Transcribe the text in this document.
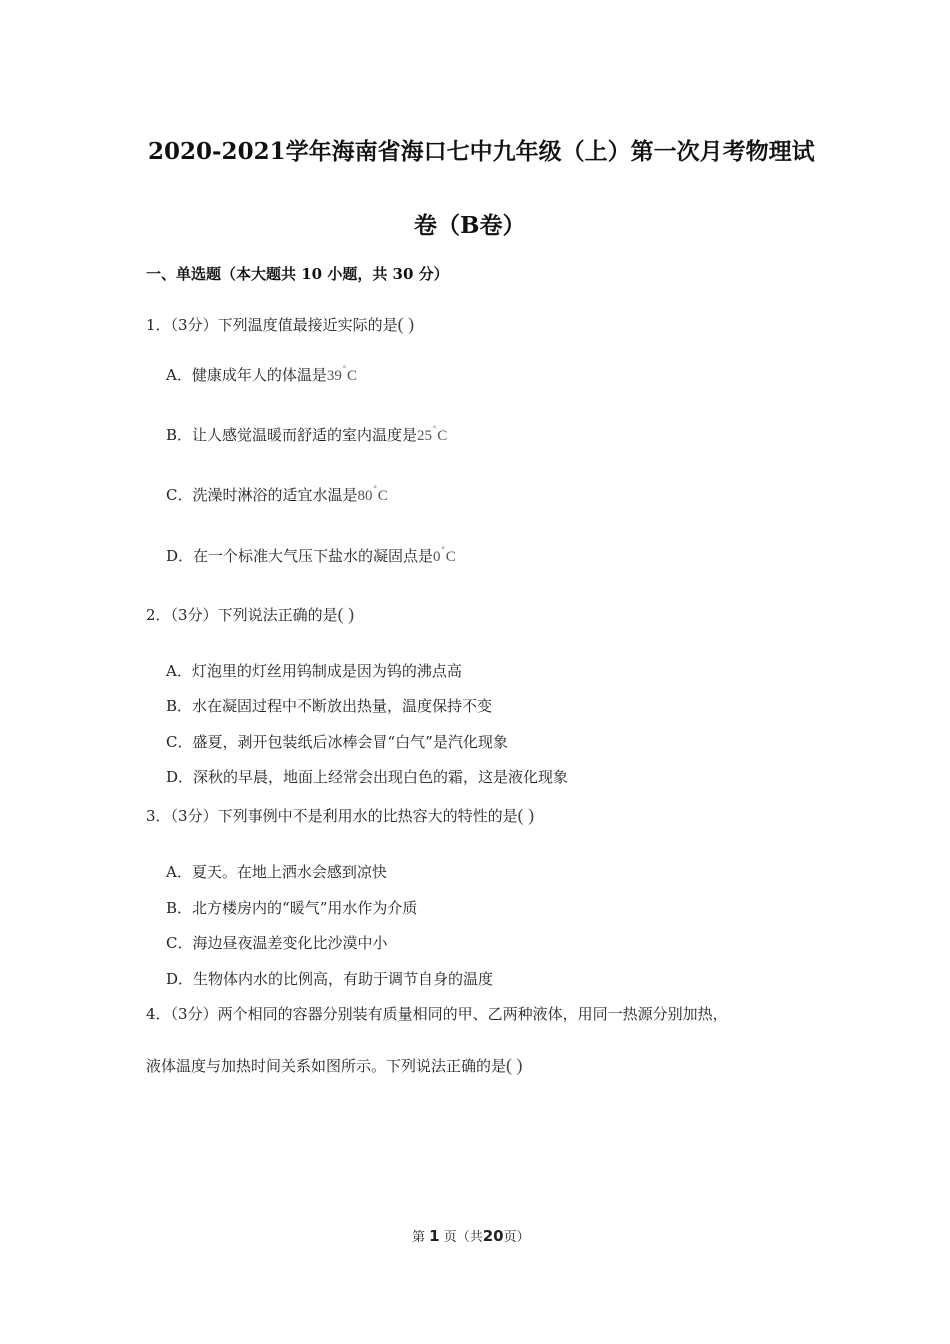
2020-2021学年海南省海口七中九年级（上）第一次月考物理试
卷（B卷）
一、单选题（本大题共 10 小题，共 30 分）
1．（3分）下列温度值最接近实际的是( )
A．健康成年人的体温是39°C
B．让人感觉温暖而舒适的室内温度是25°C
C．洗澡时淋浴的适宜水温是80°C
D．在一个标准大气压下盐水的凝固点是0°C
2．（3分）下列说法正确的是( )
A．灯泡里的灯丝用钨制成是因为钨的沸点高
B．水在凝固过程中不断放出热量，温度保持不变
C．盛夏，剥开包装纸后冰棒会冒“白气”是汽化现象
D．深秋的早晨，地面上经常会出现白色的霜，这是液化现象
3．（3分）下列事例中不是利用水的比热容大的特性的是( )
A．夏天。在地上洒水会感到凉快
B．北方楼房内的“暖气”用水作为介质
C．海边昼夜温差变化比沙漠中小
D．生物体内水的比例高，有助于调节自身的温度
4．（3分）两个相同的容器分别装有质量相同的甲、乙两种液体，用同一热源分别加热，
液体温度与加热时间关系如图所示。下列说法正确的是( )
第 1 页（共20页）
